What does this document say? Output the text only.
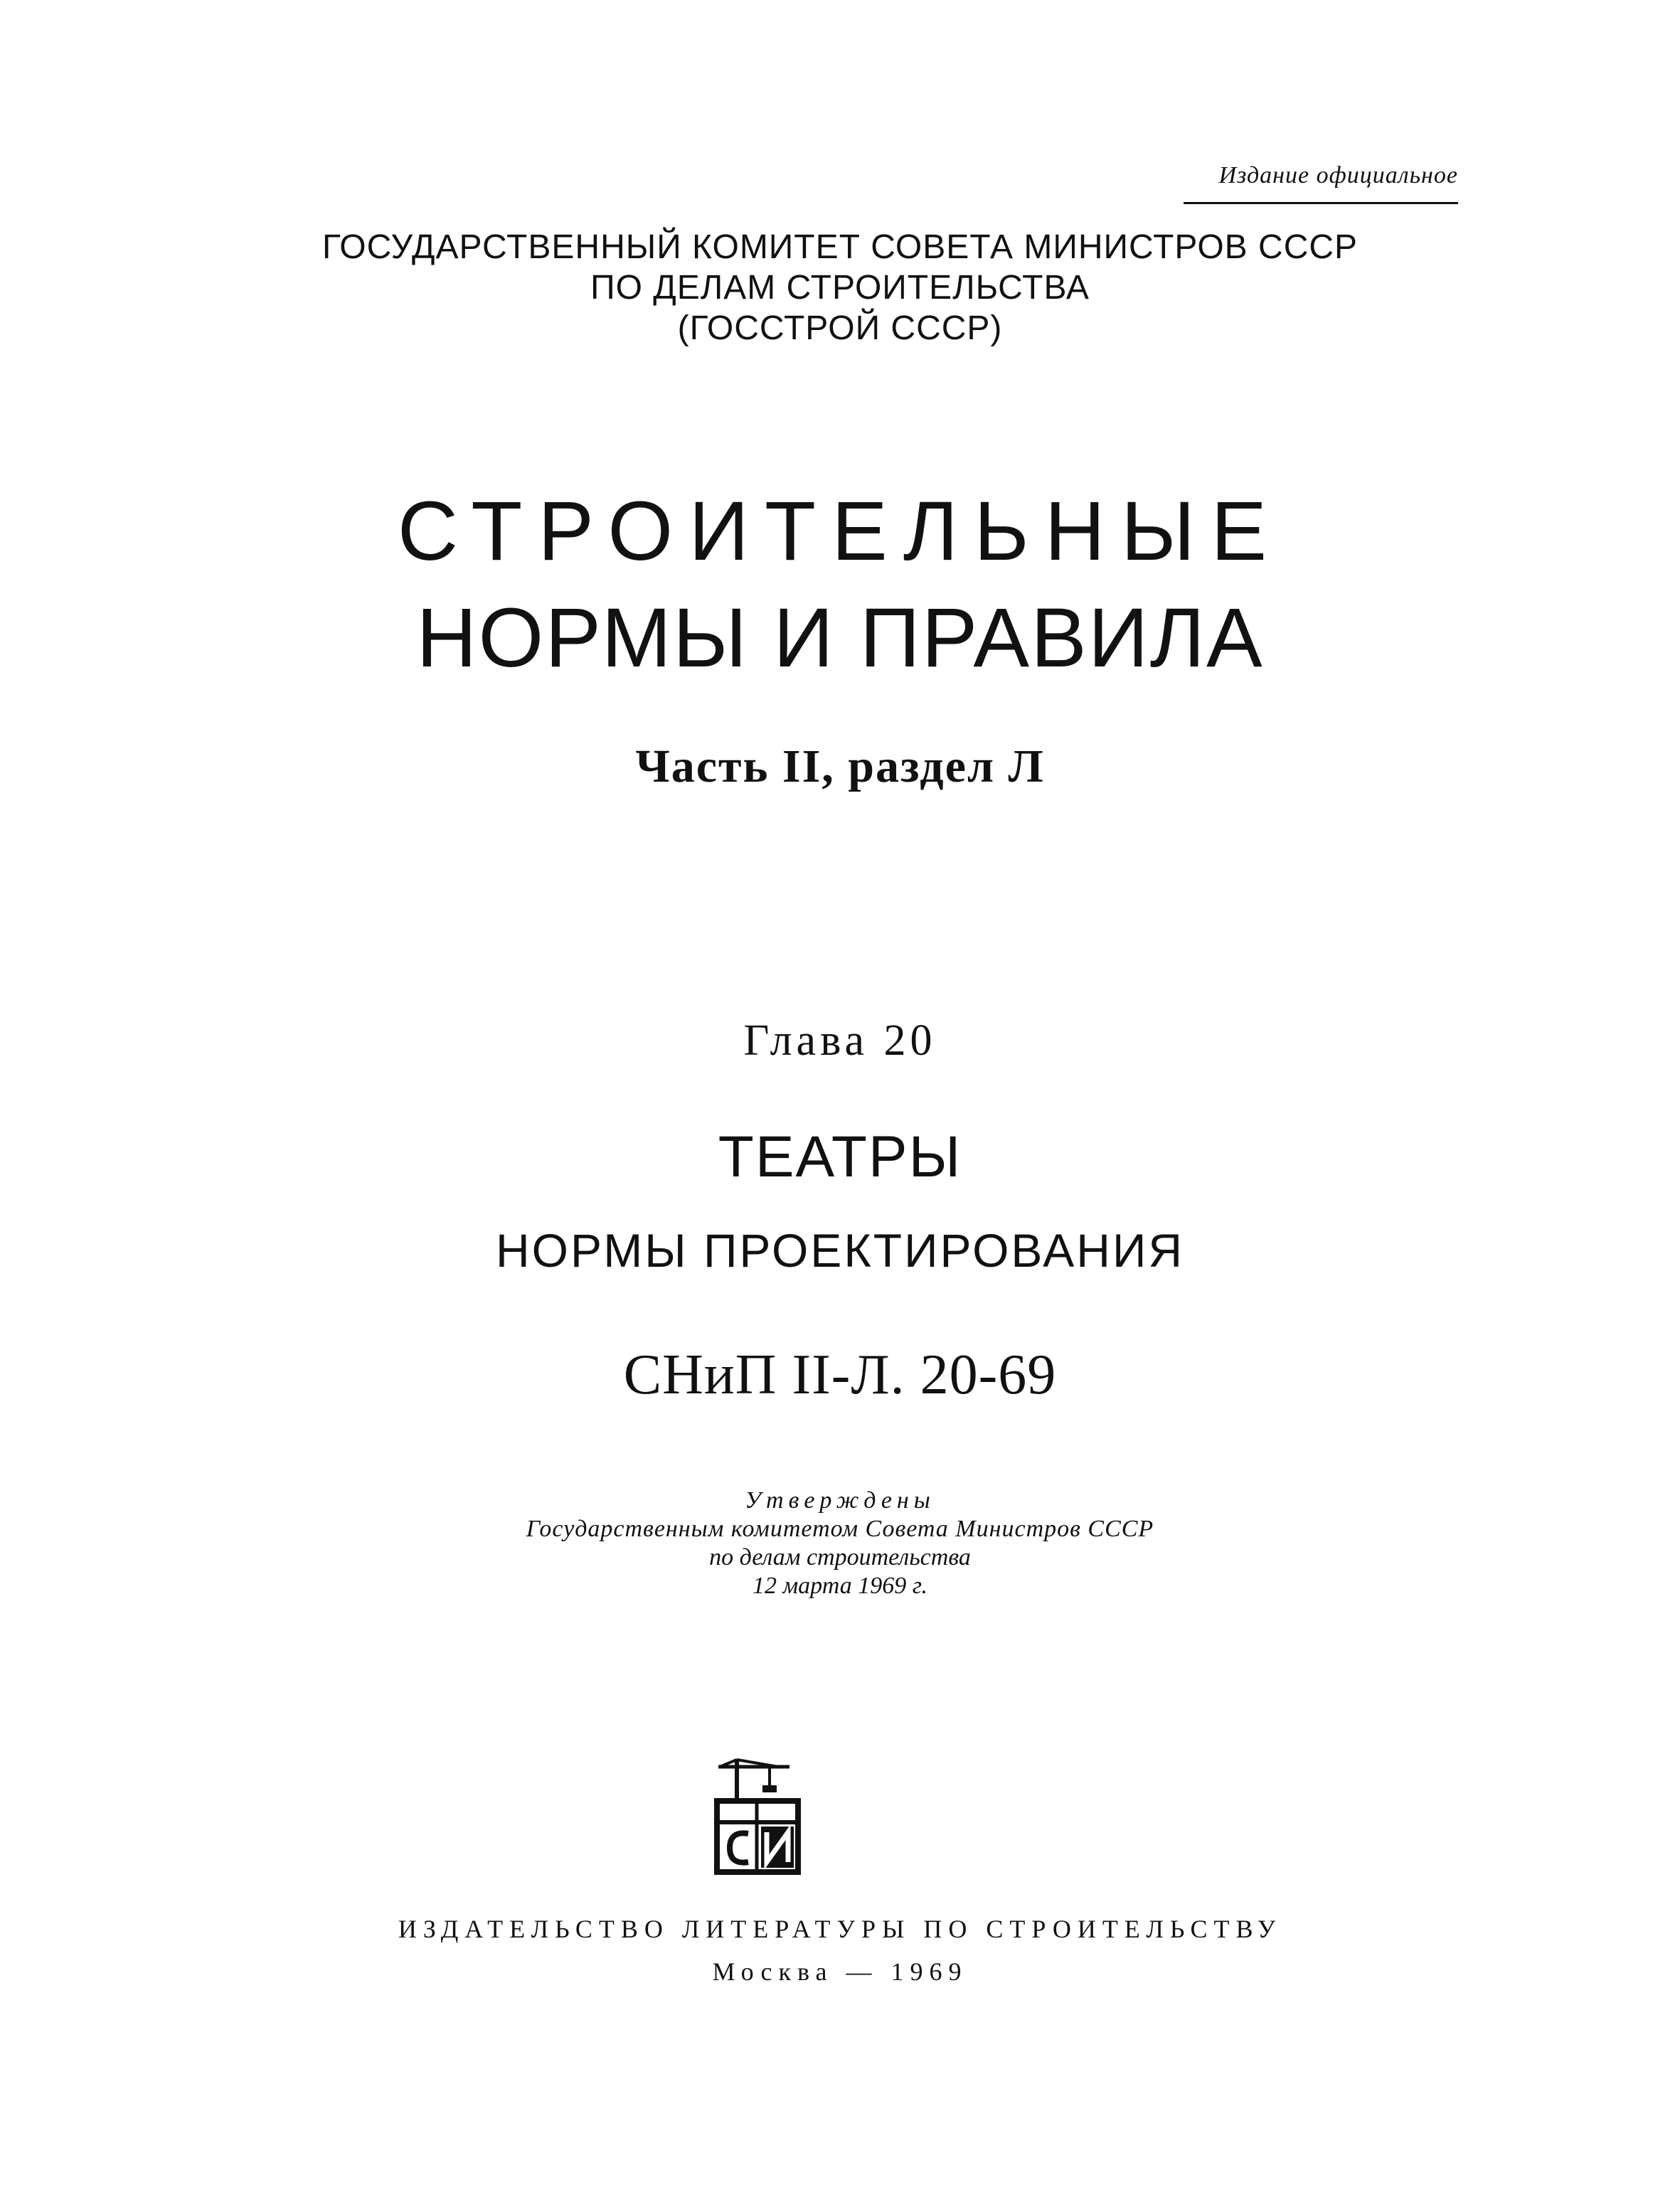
Издание официальное
ГОСУДАРСТВЕННЫЙ КОМИТЕТ СОВЕТА МИНИСТРОВ СССР
ПО ДЕЛАМ СТРОИТЕЛЬСТВА
(ГОССТРОЙ СССР)
СТРОИТЕЛЬНЫЕ
НОРМЫ И ПРАВИЛА
Часть II, раздел Л
Глава 20
ТЕАТРЫ
НОРМЫ ПРОЕКТИРОВАНИЯ
СНиП II-Л. 20-69
Утверждены
Государственным комитетом Совета Министров СССР
по делам строительства
12 марта 1969 г.
ИЗДАТЕЛЬСТВО ЛИТЕРАТУРЫ ПО СТРОИТЕЛЬСТВУ
Москва — 1969
